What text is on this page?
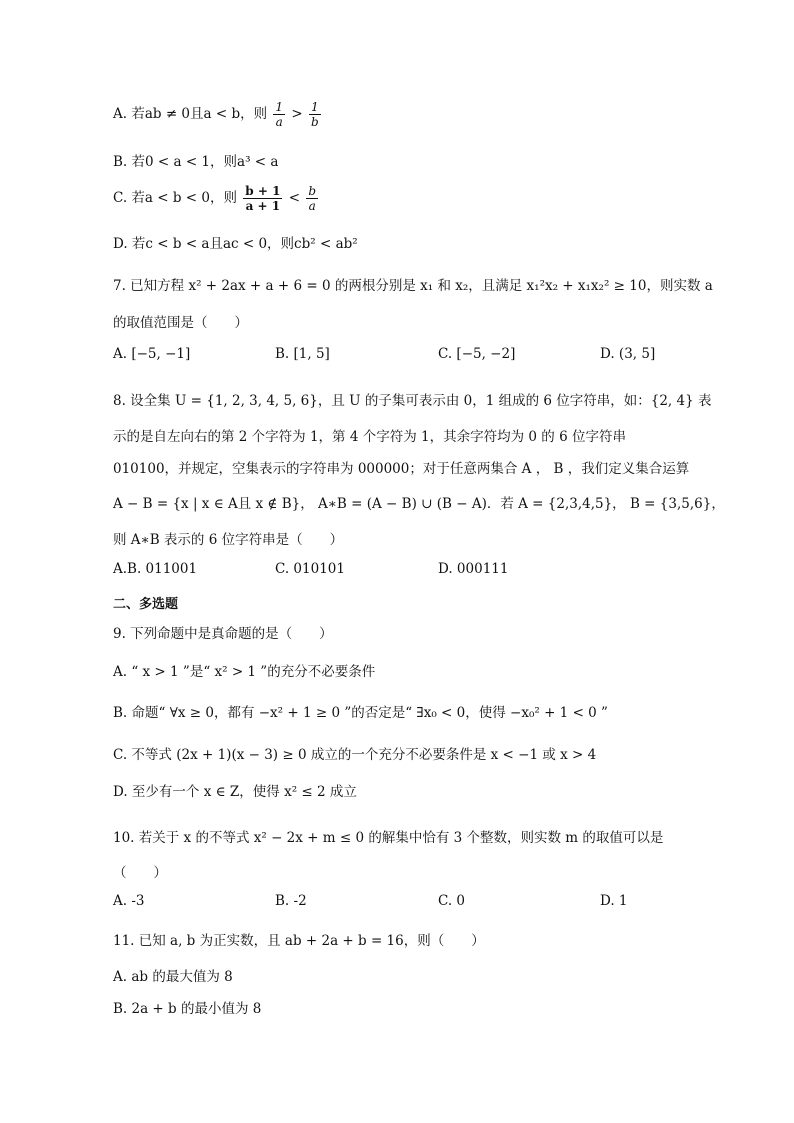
A. 若ab ≠ 0且a < b，则 $\frac{1}{a} > \frac{1}{b}$
B. 若0 < a < 1，则a³ < a
C. 若a < b < 0，则 $\frac{b + 1}{a + 1} < \frac{b}{a}$
D. 若c < b < a且ac < 0，则cb² < ab²
7. 已知方程 x² + 2ax + a + 6 = 0 的两根分别是 x₁ 和 x₂，且满足 x₁²x₂ + x₁x₂² ≥ 10，则实数 a
的取值范围是（　　）
A. [−5, −1]	B. [1, 5]	C. [−5, −2]	D. (3, 5]
8. 设全集 U = {1, 2, 3, 4, 5, 6}，且 U 的子集可表示由 0，1 组成的 6 位字符串，如：{2, 4} 表
示的是自左向右的第 2 个字符为 1，第 4 个字符为 1，其余字符均为 0 的 6 位字符串
010100，并规定，空集表示的字符串为 000000；对于任意两集合 A ， B ，我们定义集合运算
A − B = {x | x ∈ A且 x ∉ B}， A∗B = (A − B) ∪ (B − A)．若 A = {2,3,4,5}， B = {3,5,6}，
则 A∗B 表示的 6 位字符串是（　　）
A.B. 011001	C. 010101	D. 000111
二、多选题
9. 下列命题中是真命题的是（　　）
A. “ x > 1 ”是“ x² > 1 ”的充分不必要条件
B. 命题“ ∀x ≥ 0，都有 −x² + 1 ≥ 0 ”的否定是“ ∃x₀ < 0，使得 −x₀² + 1 < 0 ”
C. 不等式 (2x + 1)(x − 3) ≥ 0 成立的一个充分不必要条件是 x < −1 或 x > 4
D. 至少有一个 x ∈ Z，使得 x² ≤ 2 成立
10. 若关于 x 的不等式 x² − 2x + m ≤ 0 的解集中恰有 3 个整数，则实数 m 的取值可以是
（　　）
A. -3	B. -2	C. 0	D. 1
11. 已知 a, b 为正实数，且 ab + 2a + b = 16，则（　　）
A. ab 的最大值为 8
B. 2a + b 的最小值为 8
